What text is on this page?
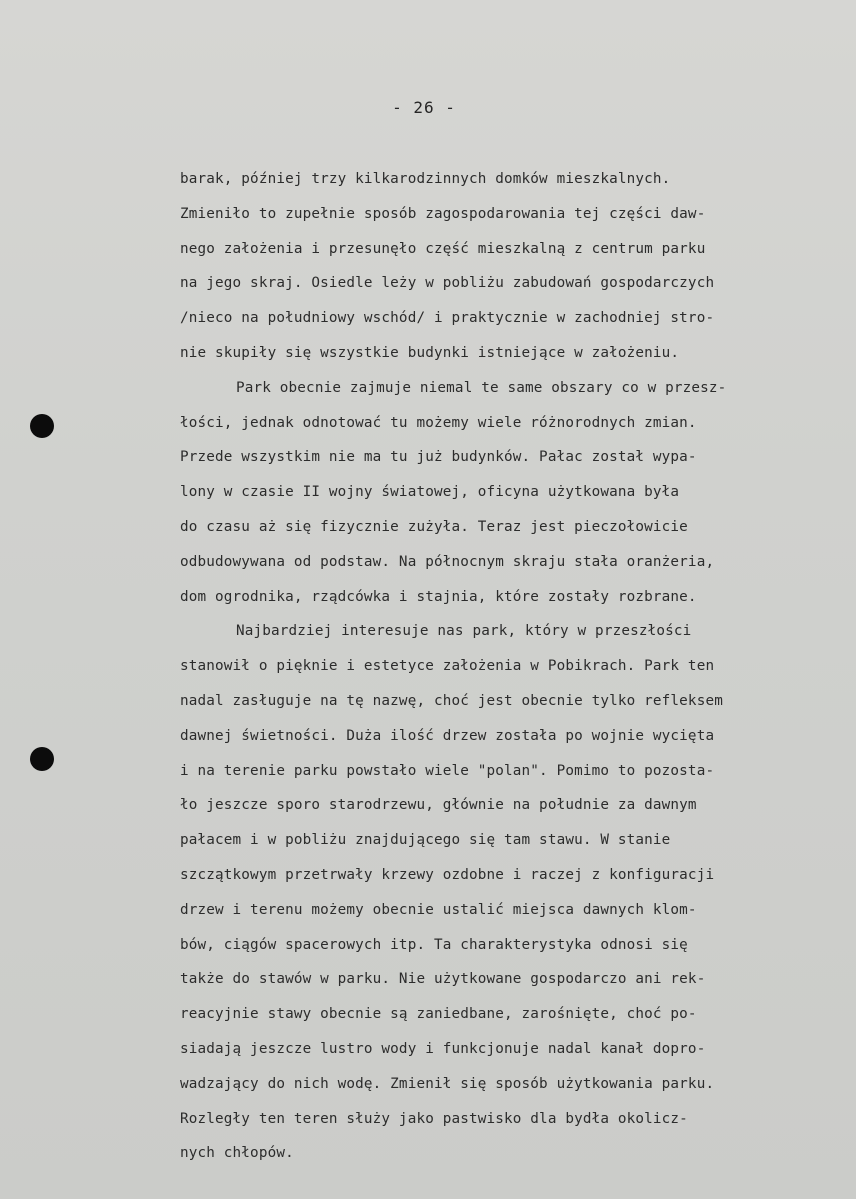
- 26 -
barak, później trzy kilkarodzinnych domków mieszkalnych.
Zmieniło to zupełnie sposób zagospodarowania tej części daw-
nego założenia i przesunęło część mieszkalną z centrum parku
na jego skraj. Osiedle leży w pobliżu zabudowań gospodarczych
/nieco na południowy wschód/ i praktycznie w zachodniej stro-
nie skupiły się wszystkie budynki istniejące w założeniu.
Park obecnie zajmuje niemal te same obszary co w przesz-
łości, jednak odnotować tu możemy wiele różnorodnych zmian.
Przede wszystkim nie ma tu już budynków. Pałac został wypa-
lony w czasie II wojny światowej, oficyna użytkowana była
do czasu aż się fizycznie zużyła. Teraz jest pieczołowicie
odbudowywana od podstaw. Na północnym skraju stała oranżeria,
dom ogrodnika, rządcówka i stajnia, które zostały rozbrane.
Najbardziej interesuje nas park, który w przeszłości
stanowił o pięknie i estetyce założenia w Pobikrach. Park ten
nadal zasługuje na tę nazwę, choć jest obecnie tylko refleksem
dawnej świetności. Duża ilość drzew została po wojnie wycięta
i na terenie parku powstało wiele "polan". Pomimo to pozosta-
ło jeszcze sporo starodrzewu, głównie na południe za dawnym
pałacem i w pobliżu znajdującego się tam stawu. W stanie
szczątkowym przetrwały krzewy ozdobne i raczej z konfiguracji
drzew i terenu możemy obecnie ustalić miejsca dawnych klom-
bów, ciągów spacerowych itp. Ta charakterystyka odnosi się
także do stawów w parku. Nie użytkowane gospodarczo ani rek-
reacyjnie stawy obecnie są zaniedbane, zarośnięte, choć po-
siadają jeszcze lustro wody i funkcjonuje nadal kanał dopro-
wadzający do nich wodę. Zmienił się sposób użytkowania parku.
Rozległy ten teren służy jako pastwisko dla bydła okolicz-
nych chłopów.
